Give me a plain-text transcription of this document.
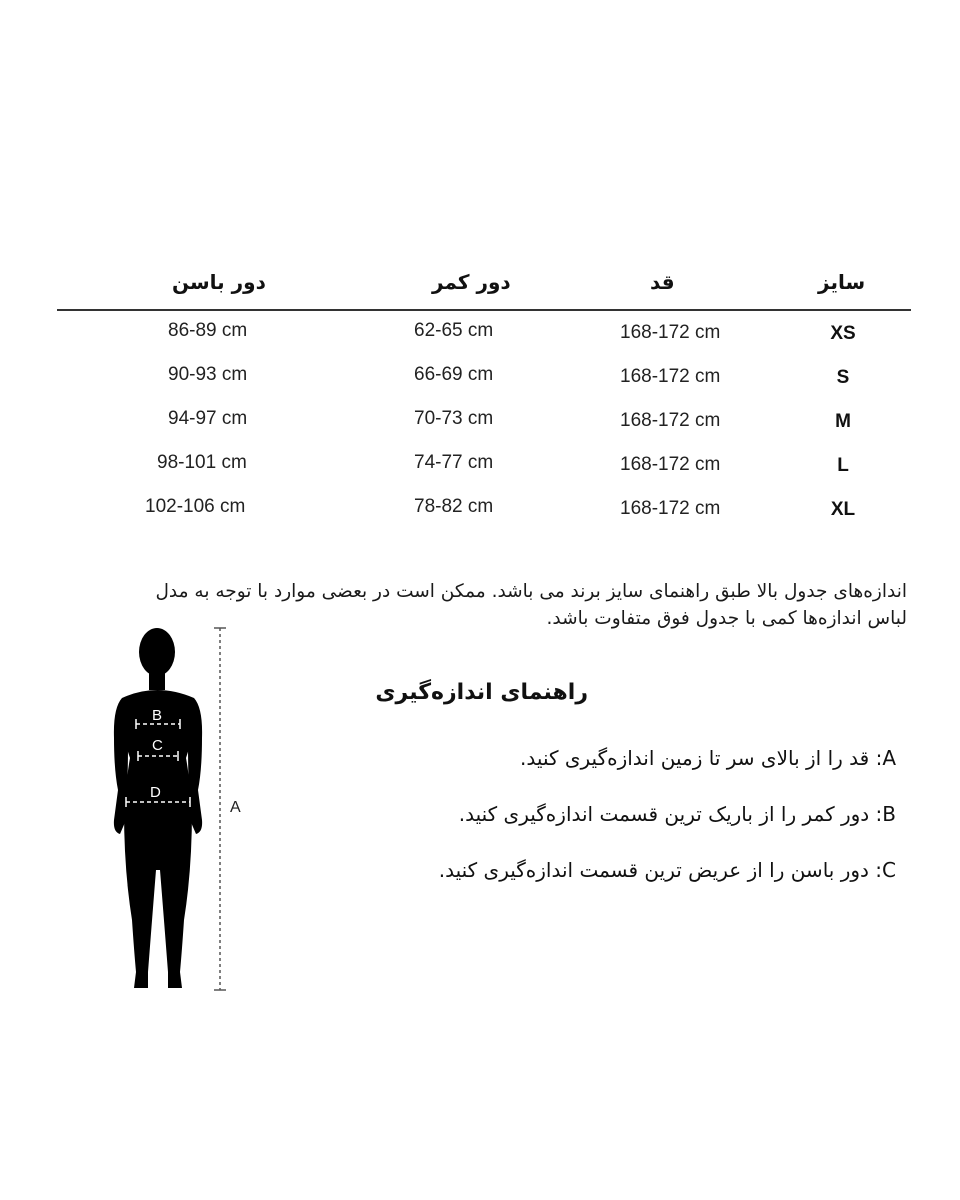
سایز
قد
دور کمر
دور باسن
XS
168-172 cm
62-65 cm
86-89 cm
S
168-172 cm
66-69 cm
90-93 cm
M
168-172 cm
70-73 cm
94-97 cm
L
168-172 cm
74-77 cm
98-101 cm
XL
168-172 cm
78-82 cm
102-106 cm
اندازه‌های جدول بالا طبق راهنمای سایز برند می باشد. ممکن است در بعضی موارد با توجه به مدل
لباس اندازه‌ها کمی با جدول فوق متفاوت باشد.
B
C
D
A
راهنمای اندازه‌گیری
A: قد را از بالای سر تا زمین اندازه‌گیری کنید.
B: دور کمر را از باریک ترین قسمت اندازه‌گیری کنید.
C: دور باسن را از عریض ترین قسمت اندازه‌گیری کنید.
